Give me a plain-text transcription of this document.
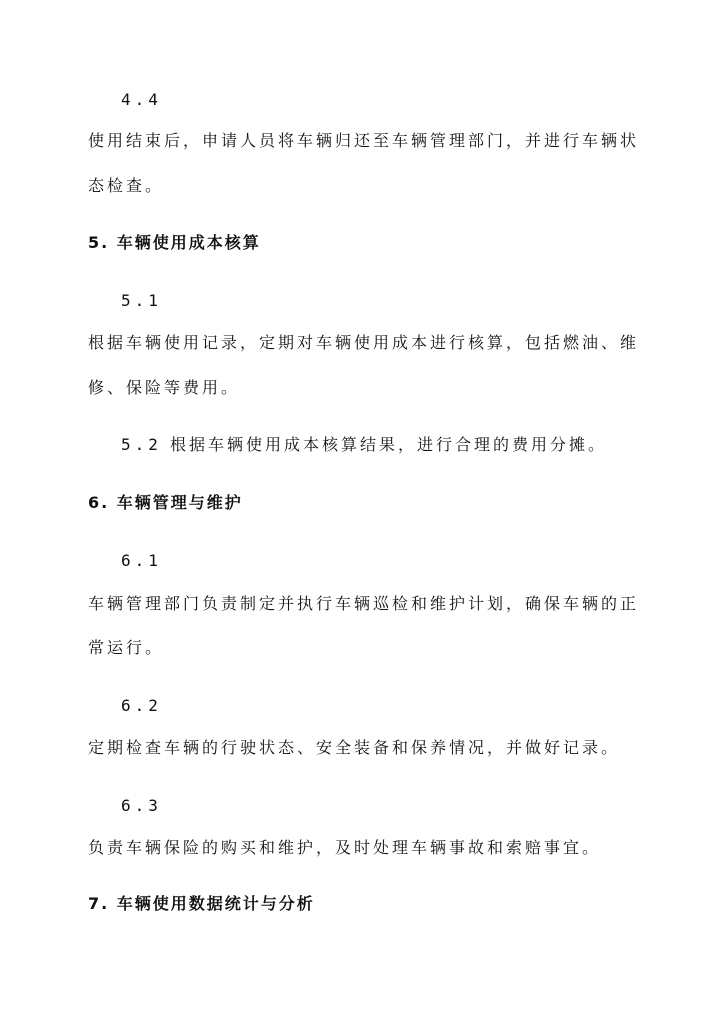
4.4
使用结束后，申请人员将车辆归还至车辆管理部门，并进行车辆状
态检查。
5. 车辆使用成本核算
5.1
根据车辆使用记录，定期对车辆使用成本进行核算，包括燃油、维
修、保险等费用。
5.2 根据车辆使用成本核算结果，进行合理的费用分摊。
6. 车辆管理与维护
6.1
车辆管理部门负责制定并执行车辆巡检和维护计划，确保车辆的正
常运行。
6.2
定期检查车辆的行驶状态、安全装备和保养情况，并做好记录。
6.3
负责车辆保险的购买和维护，及时处理车辆事故和索赔事宜。
7. 车辆使用数据统计与分析
